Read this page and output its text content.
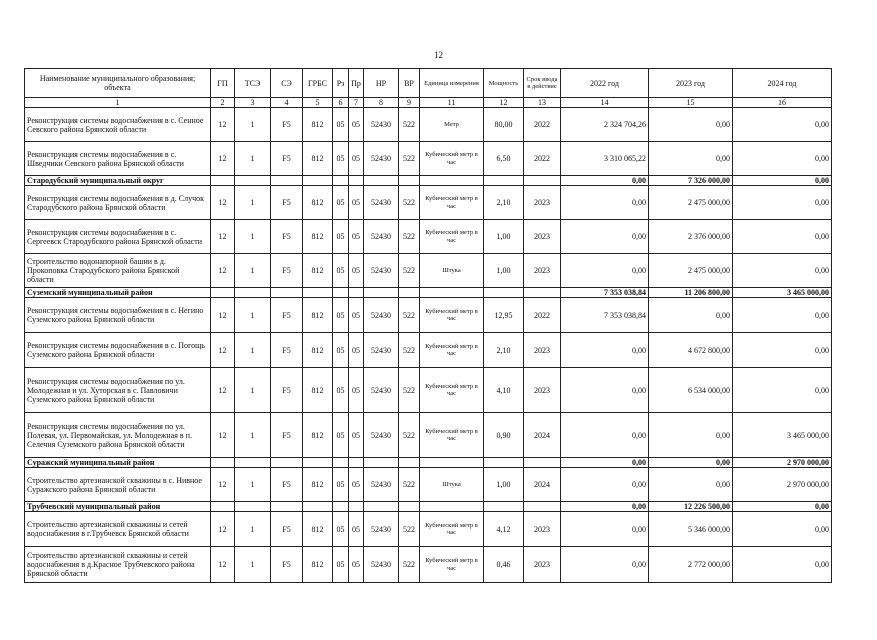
12
Наименование муниципального образования; объекта	ГП	ТСЭ	СЭ	ГРБС	Рз	Пр	НР	ВР	Единица измерения	Мощность	Срок ввода в действие	2022 год	2023 год	2024 год
1	2	3	4	5	6	7	8	9	11	12	13	14	15	16
Реконструкция системы водоснабжения в с. Сенное Севского района Брянской области	12	1	F5	812	05	05	52430	522	Метр	80,00	2022	2 324 704,26	0,00	0,00
Реконструкция системы водоснабжения в с. Шведчики Севского района Брянской области	12	1	F5	812	05	05	52430	522	Кубический метр в час	6,50	2022	3 310 065,22	0,00	0,00
Стародубский муниципальный округ												0,00	7 326 000,00	0,00
Реконструкция системы водоснабжения в д. Случок Стародубского района Брянской области	12	1	F5	812	05	05	52430	522	Кубический метр в час	2,10	2023	0,00	2 475 000,00	0,00
Реконструкция системы водоснабжения в с. Сергеевск Стародубского района Брянской области	12	1	F5	812	05	05	52430	522	Кубический метр в час	1,00	2023	0,00	2 376 000,00	0,00
Строительство водонапорной башни в д. Прокоповка Стародубского района Брянской области	12	1	F5	812	05	05	52430	522	Штука	1,00	2023	0,00	2 475 000,00	0,00
Суземский муниципальный район												7 353 038,84	11 206 800,00	3 465 000,00
Реконструкция системы водоснабжения в с. Негино Суземского района Брянской области	12	1	F5	812	05	05	52430	522	Кубический метр в час	12,95	2022	7 353 038,84	0,00	0,00
Реконструкция системы водоснабжения в с. Погощь Суземского района Брянской области	12	1	F5	812	05	05	52430	522	Кубический метр в час	2,10	2023	0,00	4 672 800,00	0,00
Реконструкция системы водоснабжения по ул. Молодежная и ул. Хуторская в с. Павловичи Суземского района Брянской области	12	1	F5	812	05	05	52430	522	Кубический метр в час	4,10	2023	0,00	6 534 000,00	0,00
Реконструкция системы водоснабжения по ул. Полевая, ул. Первомайская, ул. Молодежная в п. Селечня Суземского района Брянской области	12	1	F5	812	05	05	52430	522	Кубический метр в час	0,90	2024	0,00	0,00	3 465 000,00
Суражский муниципальный район												0,00	0,00	2 970 000,00
Строительство артезианской скважины в с. Нивное Суражского района Брянской области	12	1	F5	812	05	05	52430	522	Штука	1,00	2024	0,00	0,00	2 970 000,00
Трубчевский муниципальный район												0,00	12 226 500,00	0,00
Строительство артезианской скважины и сетей водоснабжения в г.Трубчевск Брянской области	12	1	F5	812	05	05	52430	522	Кубический метр в час	4,12	2023	0,00	5 346 000,00	0,00
Строительство артезианской скважины и сетей водоснабжения в д.Красное Трубчевского района Брянской области	12	1	F5	812	05	05	52430	522	Кубический метр в час	0,46	2023	0,00	2 772 000,00	0,00
